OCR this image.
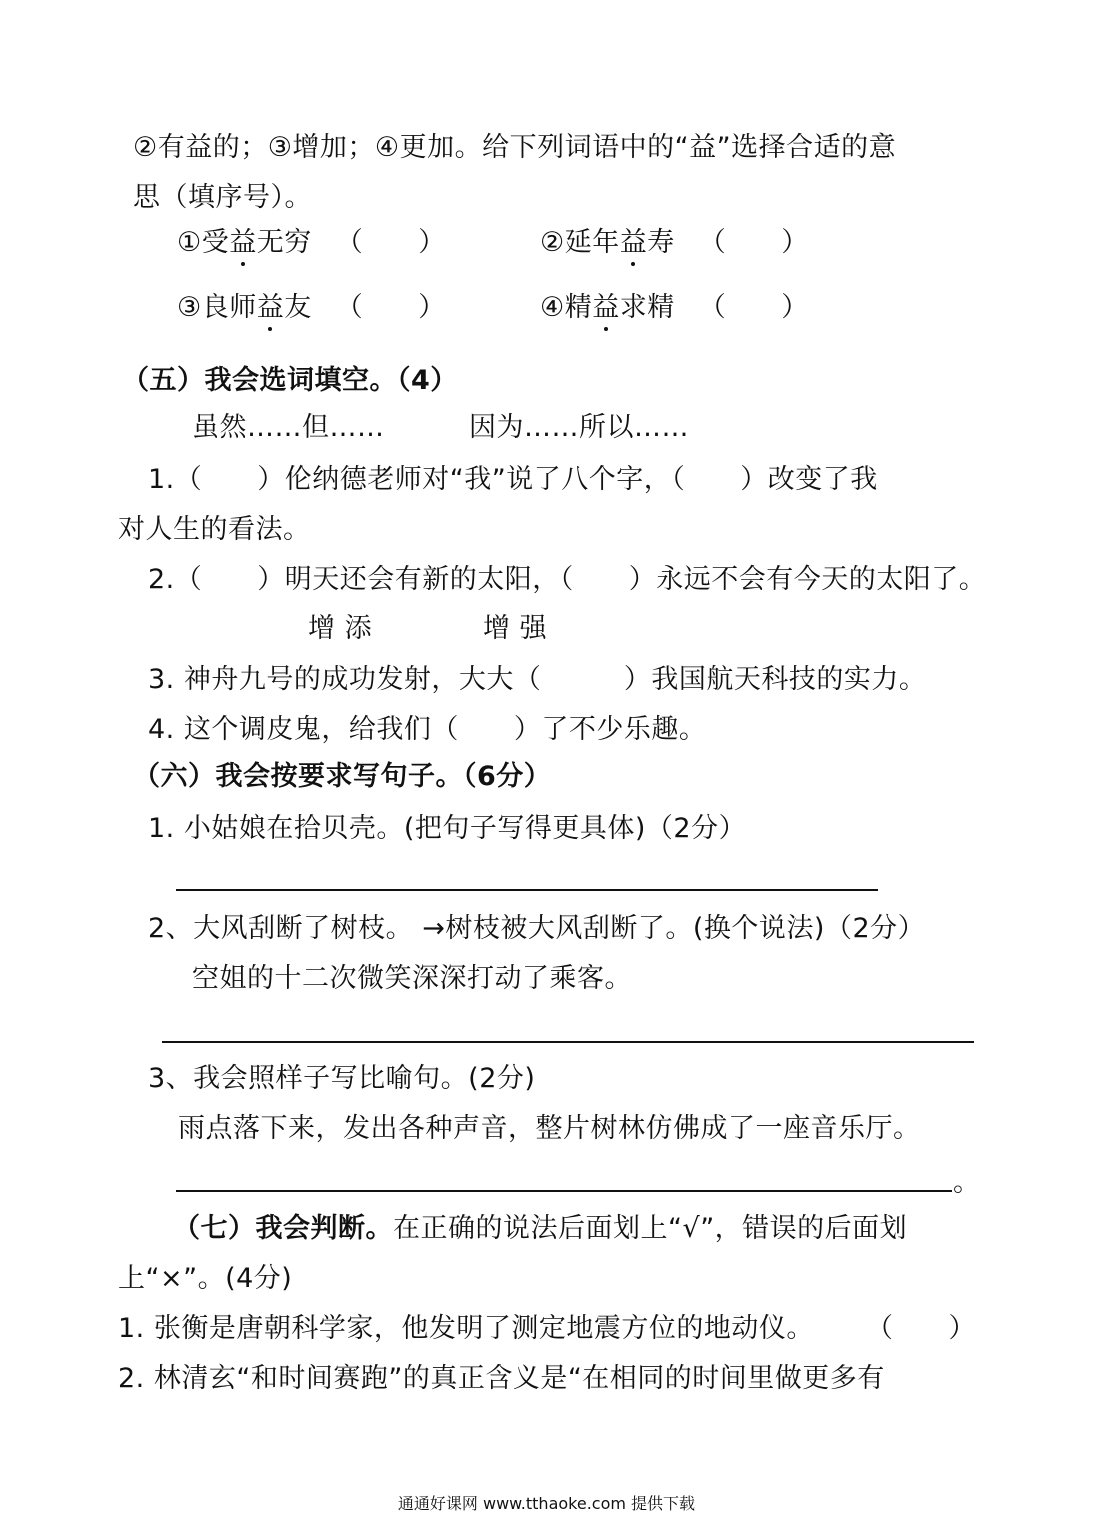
②有益的；③增加；④更加。给下列词语中的“益”选择合适的意
思（填序号）。
①受益无穷 （　　）	②延年益寿 （　　）
③良师益友 （　　）	④精益求精 （　　）
（五）我会选词填空。（4）
虽然……但……	因为……所以……
1.（　　）伦纳德老师对“我”说了八个字，（　　）改变了我
对人生的看法。
2.（　　）明天还会有新的太阳，（　　）永远不会有今天的太阳了。
增 添	增 强
3. 神舟九号的成功发射，大大（　　　）我国航天科技的实力。
4. 这个调皮鬼，给我们（　　）了不少乐趣。
（六）我会按要求写句子。（6分）
1. 小姑娘在拾贝壳。(把句子写得更具体)（2分）
2、大风刮断了树枝。 →树枝被大风刮断了。(换个说法)（2分）
空姐的十二次微笑深深打动了乘客。
3、我会照样子写比喻句。(2分)
雨点落下来，发出各种声音，整片树林仿佛成了一座音乐厅。
。
（七）我会判断。在正确的说法后面划上“√”，错误的后面划
上“×”。(4分)
1. 张衡是唐朝科学家，他发明了测定地震方位的地动仪。 （　　）
2. 林清玄“和时间赛跑”的真正含义是“在相同的时间里做更多有
通通好课网 www.tthaoke.com 提供下载
